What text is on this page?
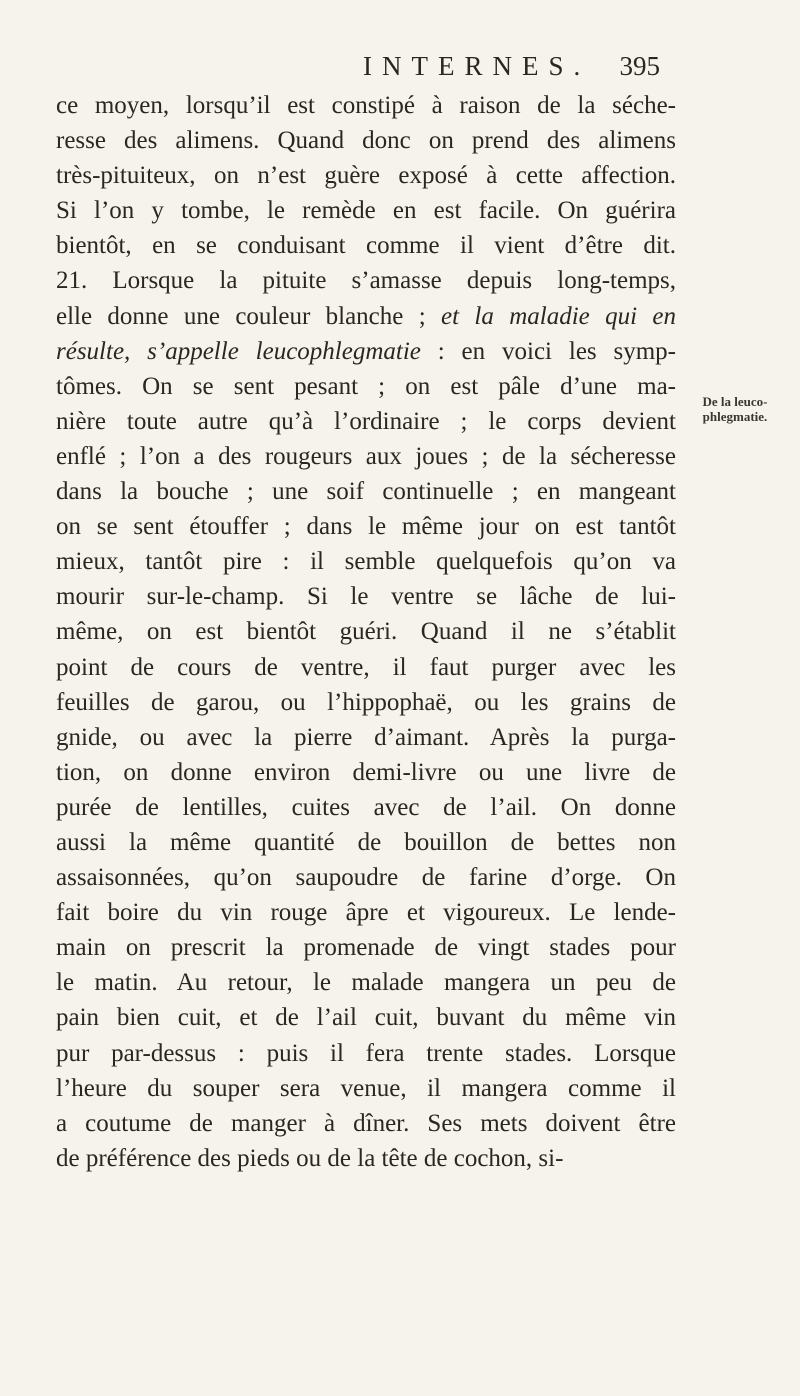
INTERNES. 395
De la leuco-
phlegmatie.
ce moyen, lorsqu’il est constipé à raison de la séche-
resse des alimens. Quand donc on prend des alimens
très-pituiteux, on n’est guère exposé à cette affection.
Si l’on y tombe, le remède en est facile. On guérira
bientôt, en se conduisant comme il vient d’être dit.
21. Lorsque la pituite s’amasse depuis long-temps,
elle donne une couleur blanche ; et la maladie qui en
résulte, s’appelle leucophlegmatie : en voici les symp-
tômes. On se sent pesant ; on est pâle d’une ma-
nière toute autre qu’à l’ordinaire ; le corps devient
enflé ; l’on a des rougeurs aux joues ; de la sécheresse
dans la bouche ; une soif continuelle ; en mangeant
on se sent étouffer ; dans le même jour on est tantôt
mieux, tantôt pire : il semble quelquefois qu’on va
mourir sur-le-champ. Si le ventre se lâche de lui-
même, on est bientôt guéri. Quand il ne s’établit
point de cours de ventre, il faut purger avec les
feuilles de garou, ou l’hippophaë, ou les grains de
gnide, ou avec la pierre d’aimant. Après la purga-
tion, on donne environ demi-livre ou une livre de
purée de lentilles, cuites avec de l’ail. On donne
aussi la même quantité de bouillon de bettes non
assaisonnées, qu’on saupoudre de farine d’orge. On
fait boire du vin rouge âpre et vigoureux. Le lende-
main on prescrit la promenade de vingt stades pour
le matin. Au retour, le malade mangera un peu de
pain bien cuit, et de l’ail cuit, buvant du même vin
pur par-dessus : puis il fera trente stades. Lorsque
l’heure du souper sera venue, il mangera comme il
a coutume de manger à dîner. Ses mets doivent être
de préférence des pieds ou de la tête de cochon, si-
